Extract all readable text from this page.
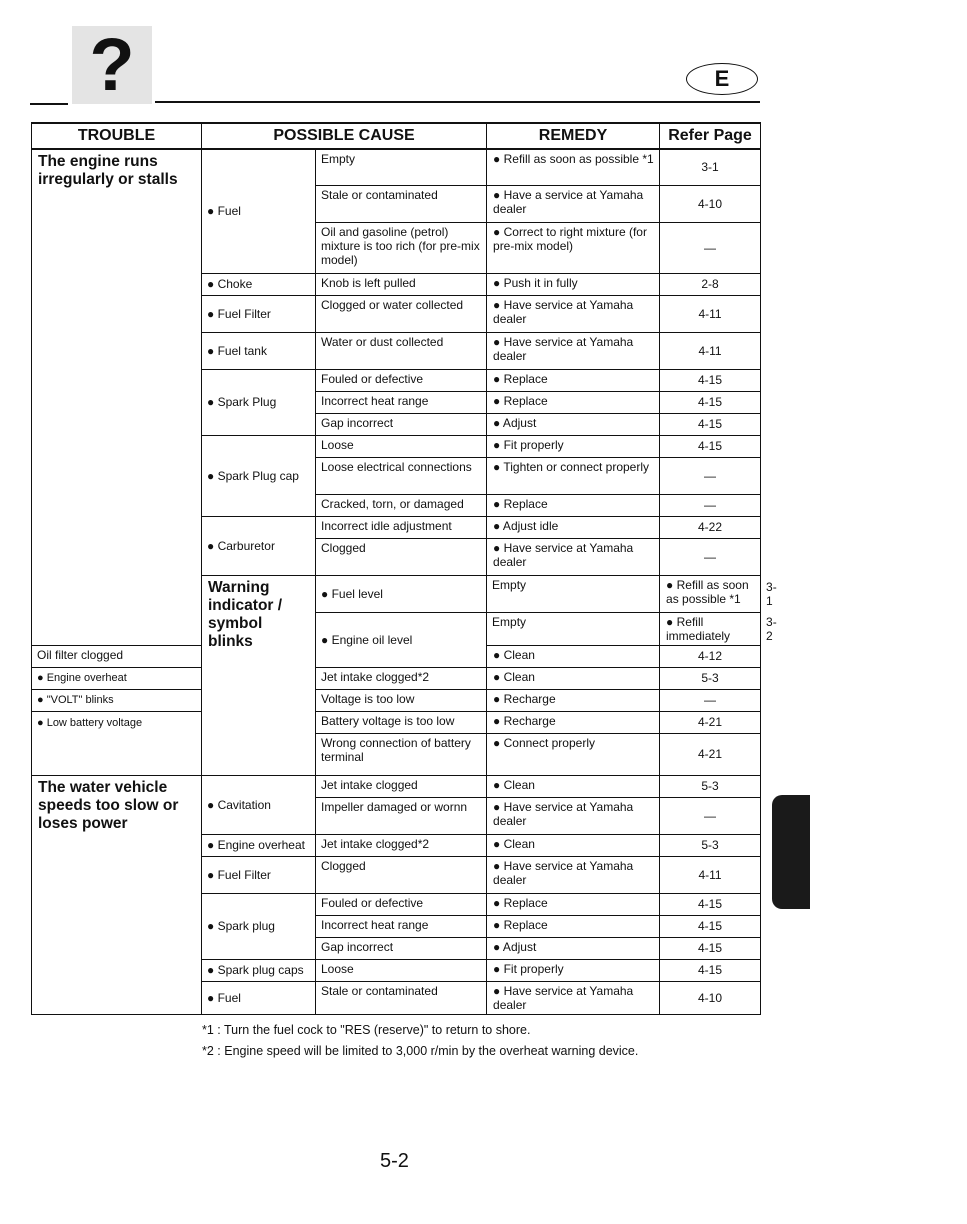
?	E
TROUBLE	POSSIBLE CAUSE		REMEDY	Refer Page	
The engine runs irregularly or stalls	● Fuel	Empty	● Refill as soon as possible *1	3-1	
		Stale or contaminated	● Have a service at Yamaha dealer	4-10	
		Oil and gasoline (petrol) mixture is too rich (for pre-mix model)	● Correct to right mixture (for pre-mix model)	—	
	● Choke	Knob is left pulled	● Push it in fully	2-8	
	● Fuel Filter	Clogged or water collected	● Have service at Yamaha dealer	4-11	
	● Fuel tank	Water or dust collected	● Have service at Yamaha dealer	4-11	
	● Spark Plug	Fouled or defective	● Replace	4-15	
		Incorrect heat range	● Replace	4-15	
		Gap incorrect	● Adjust	4-15	
	● Spark Plug cap	Loose	● Fit properly	4-15	
		Loose electrical connections	● Tighten or connect properly	—	
		Cracked, torn, or damaged	● Replace	—	
	● Carburetor	Incorrect idle adjustment	● Adjust idle	4-22	
		Clogged	● Have service at Yamaha dealer	—	
	Warning indicator / symbol blinks	● Fuel level	Empty	● Refill as soon as possible *1	3-1
		● Engine oil level	Empty	● Refill immediately	3-2
Oil filter clogged			● Clean	4-12	
● Engine overheat		Jet intake clogged*2	● Clean	5-3	
● "VOLT" blinks		Voltage is too low	● Recharge	—	
● Low battery voltage		Battery voltage is too low	● Recharge	4-21	
		Wrong connection of battery terminal	● Connect properly	4-21	
The water vehicle speeds too slow or loses power	● Cavitation	Jet intake clogged	● Clean	5-3	
		Impeller damaged or wornn	● Have service at Yamaha dealer	—	
	● Engine overheat	Jet intake clogged*2	● Clean	5-3	
	● Fuel Filter	Clogged	● Have service at Yamaha dealer	4-11	
	● Spark plug	Fouled or defective	● Replace	4-15	
		Incorrect heat range	● Replace	4-15	
		Gap incorrect	● Adjust	4-15	
	● Spark plug caps	Loose	● Fit properly	4-15	
	● Fuel	Stale or contaminated	● Have service at Yamaha dealer	4-10	
*1 : Turn the fuel cock to "RES (reserve)" to return to shore.
*2 : Engine speed will be limited to 3,000 r/min by the overheat warning device.
5-2
